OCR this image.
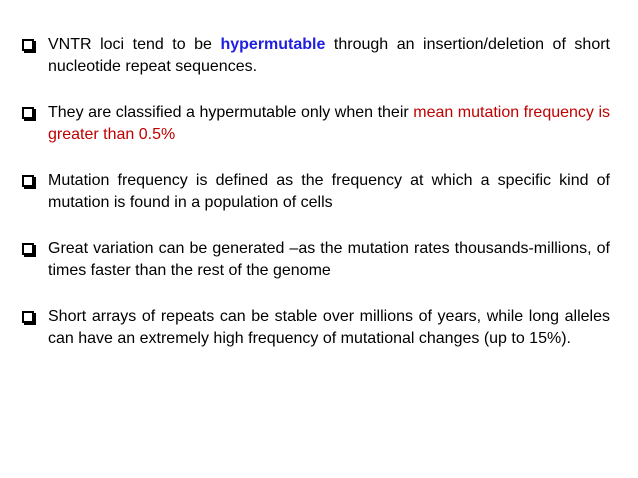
VNTR loci tend to be hypermutable through an insertion/deletion of short nucleotide repeat sequences.
They are classified a hypermutable only when their mean mutation frequency is greater than 0.5%
Mutation frequency is defined as the frequency at which a specific kind of mutation is found in a population of cells
Great variation can be generated –as the mutation rates thousands-millions, of times faster than the rest of the genome
Short arrays of repeats can be stable over millions of years, while long alleles can have an extremely high frequency of mutational changes (up to 15%).
